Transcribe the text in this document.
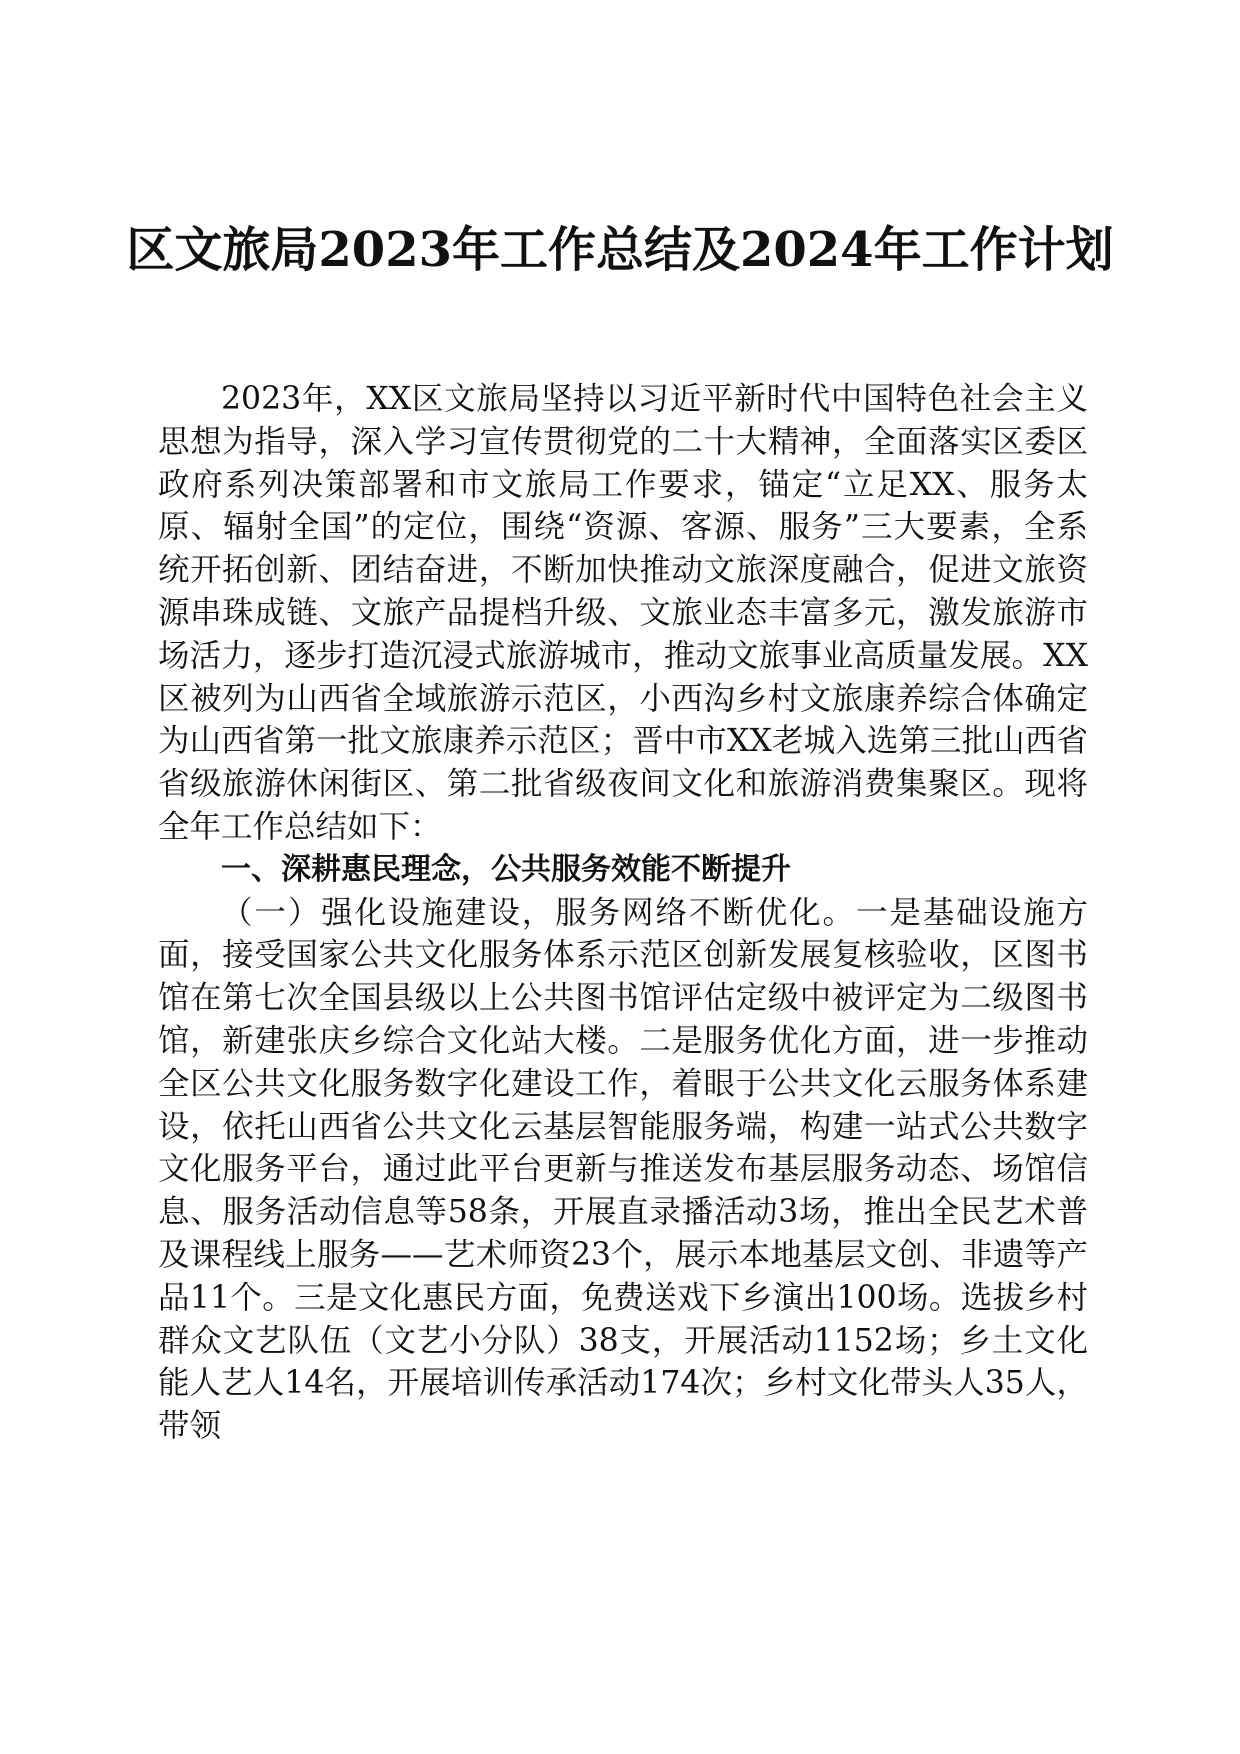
区文旅局2023年工作总结及2024年工作计划

2023年，XX区文旅局坚持以习近平新时代中国特色社会主义思想为指导，深入学习宣传贯彻党的二十大精神，全面落实区委区政府系列决策部署和市文旅局工作要求，锚定“立足XX、服务太原、辐射全国”的定位，围绕“资源、客源、服务”三大要素，全系统开拓创新、团结奋进，不断加快推动文旅深度融合，促进文旅资源串珠成链、文旅产品提档升级、文旅业态丰富多元，激发旅游市场活力，逐步打造沉浸式旅游城市，推动文旅事业高质量发展。XX区被列为山西省全域旅游示范区，小西沟乡村文旅康养综合体确定为山西省第一批文旅康养示范区；晋中市XX老城入选第三批山西省省级旅游休闲街区、第二批省级夜间文化和旅游消费集聚区。现将全年工作总结如下：

一、深耕惠民理念，公共服务效能不断提升

（一）强化设施建设，服务网络不断优化。一是基础设施方面，接受国家公共文化服务体系示范区创新发展复核验收，区图书馆在第七次全国县级以上公共图书馆评估定级中被评定为二级图书馆，新建张庆乡综合文化站大楼。二是服务优化方面，进一步推动全区公共文化服务数字化建设工作，着眼于公共文化云服务体系建设，依托山西省公共文化云基层智能服务端，构建一站式公共数字文化服务平台，通过此平台更新与推送发布基层服务动态、场馆信息、服务活动信息等58条，开展直录播活动3场，推出全民艺术普及课程线上服务——艺术师资23个，展示本地基层文创、非遗等产品11个。三是文化惠民方面，免费送戏下乡演出100场。选拔乡村群众文艺队伍（文艺小分队）38支，开展活动1152场；乡土文化能人艺人14名，开展培训传承活动174次；乡村文化带头人35人，带领
